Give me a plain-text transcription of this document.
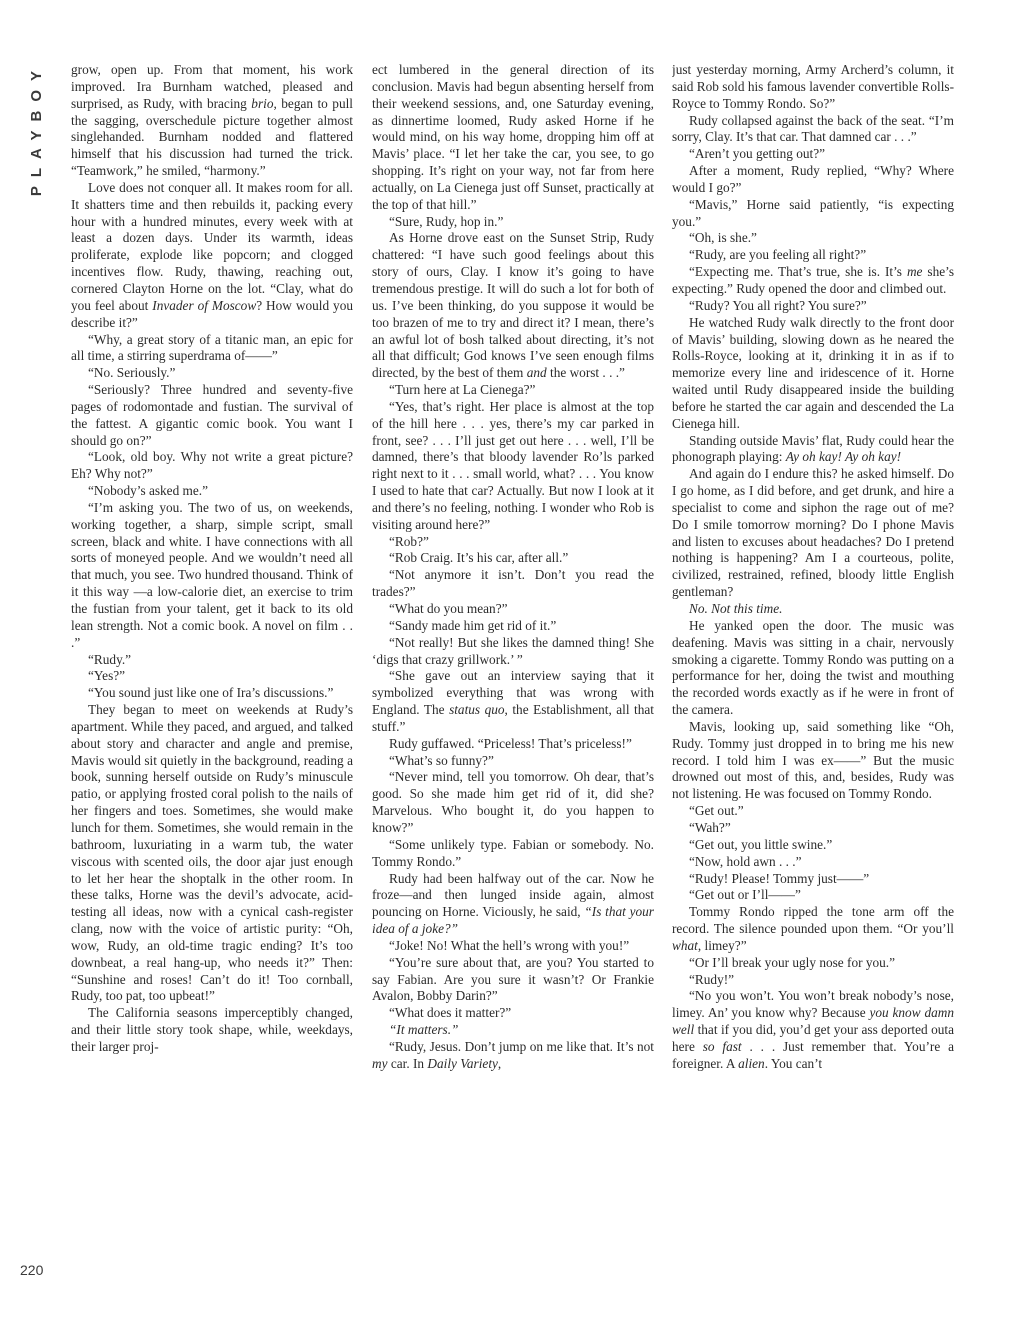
PLAYBOY	grow, open up. From that moment, his work improved. Ira Burnham watched, pleased and surprised, as Rudy, with bracing brio, began to pull the sagging, overschedule picture together almost singlehanded. Burnham nodded and flattered himself that his discussion had turned the trick. “Teamwork,” he smiled, “harmony.”

Love does not conquer all. It makes room for all. It shatters time and then rebuilds it, packing every hour with a hundred minutes, every week with at least a dozen days. Under its warmth, ideas proliferate, explode like popcorn; and clogged incentives flow. Rudy, thawing, reaching out, cornered Clayton Horne on the lot. “Clay, what do you feel about Invader of Moscow? How would you describe it?”

“Why, a great story of a titanic man, an epic for all time, a stirring superdrama of——”

“No. Seriously.”

“Seriously? Three hundred and seventy-five pages of rodomontade and fustian. The survival of the fattest. A gigantic comic book. You want I should go on?”

“Look, old boy. Why not write a great picture? Eh? Why not?”

“Nobody’s asked me.”

“I’m asking you. The two of us, on weekends, working together, a sharp, simple script, small screen, black and white. I have connections with all sorts of moneyed people. And we wouldn’t need all that much, you see. Two hundred thousand. Think of it this way —a low-calorie diet, an exercise to trim the fustian from your talent, get it back to its old lean strength. Not a comic book. A novel on film . . .”

“Rudy.”

“Yes?”

“You sound just like one of Ira’s discussions.”

They began to meet on weekends at Rudy’s apartment. While they paced, and argued, and talked about story and character and angle and premise, Mavis would sit quietly in the background, reading a book, sunning herself outside on Rudy’s minuscule patio, or applying frosted coral polish to the nails of her fingers and toes. Sometimes, she would make lunch for them. Sometimes, she would remain in the bathroom, luxuriating in a warm tub, the water viscous with scented oils, the door ajar just enough to let her hear the shoptalk in the other room. In these talks, Horne was the devil’s advocate, acid-testing all ideas, now with a cynical cash-register clang, now with the voice of artistic purity: “Oh, wow, Rudy, an old-time tragic ending? It’s too downbeat, a real hang-up, who needs it?” Then: “Sunshine and roses! Can’t do it! Too cornball, Rudy, too pat, too upbeat!”

The California seasons imperceptibly changed, and their little story took shape, while, weekdays, their larger proj-

ect lumbered in the general direction of its conclusion. Mavis had begun absenting herself from their weekend sessions, and, one Saturday evening, as dinnertime loomed, Rudy asked Horne if he would mind, on his way home, dropping him off at Mavis’ place. “I let her take the car, you see, to go shopping. It’s right on your way, not far from here actually, on La Cienega just off Sunset, practically at the top of that hill.”

“Sure, Rudy, hop in.”

As Horne drove east on the Sunset Strip, Rudy chattered: “I have such good feelings about this story of ours, Clay. I know it’s going to have tremendous prestige. It will do such a lot for both of us. I’ve been thinking, do you suppose it would be too brazen of me to try and direct it? I mean, there’s an awful lot of bosh talked about directing, it’s not all that difficult; God knows I’ve seen enough films directed, by the best of them and the worst . . .”

“Turn here at La Cienega?”

“Yes, that’s right. Her place is almost at the top of the hill here . . . yes, there’s my car parked in front, see? . . . I’ll just get out here . . . well, I’ll be damned, there’s that bloody lavender Ro’ls parked right next to it . . . small world, what? . . . You know I used to hate that car? Actually. But now I look at it and there’s no feeling, nothing. I wonder who Rob is visiting around here?”

“Rob?”

“Rob Craig. It’s his car, after all.”

“Not anymore it isn’t. Don’t you read the trades?”

“What do you mean?”

“Sandy made him get rid of it.”

“Not really! But she likes the damned thing! She ‘digs that crazy grillwork.’ ”

“She gave out an interview saying that it symbolized everything that was wrong with England. The status quo, the Establishment, all that stuff.”

Rudy guffawed. “Priceless! That’s priceless!”

“What’s so funny?”

“Never mind, tell you tomorrow. Oh dear, that’s good. So she made him get rid of it, did she? Marvelous. Who bought it, do you happen to know?”

“Some unlikely type. Fabian or somebody. No. Tommy Rondo.”

Rudy had been halfway out of the car. Now he froze—and then lunged inside again, almost pouncing on Horne. Viciously, he said, “Is that your idea of a joke?”

“Joke! No! What the hell’s wrong with you!”

“You’re sure about that, are you? You started to say Fabian. Are you sure it wasn’t? Or Frankie Avalon, Bobby Darin?”

“What does it matter?”

“It matters.”

“Rudy, Jesus. Don’t jump on me like that. It’s not my car. In Daily Variety,

just yesterday morning, Army Archerd’s column, it said Rob sold his famous lavender convertible Rolls-Royce to Tommy Rondo. So?”

Rudy collapsed against the back of the seat. “I’m sorry, Clay. It’s that car. That damned car . . .”

“Aren’t you getting out?”

After a moment, Rudy replied, “Why? Where would I go?”

“Mavis,” Horne said patiently, “is expecting you.”

“Oh, is she.”

“Rudy, are you feeling all right?”

“Expecting me. That’s true, she is. It’s me she’s expecting.” Rudy opened the door and climbed out.

“Rudy? You all right? You sure?”

He watched Rudy walk directly to the front door of Mavis’ building, slowing down as he neared the Rolls-Royce, looking at it, drinking it in as if to memorize every line and iridescence of it. Horne waited until Rudy disappeared inside the building before he started the car again and descended the La Cienega hill.

Standing outside Mavis’ flat, Rudy could hear the phonograph playing: Ay oh kay! Ay oh kay!

And again do I endure this? he asked himself. Do I go home, as I did before, and get drunk, and hire a specialist to come and siphon the rage out of me? Do I smile tomorrow morning? Do I phone Mavis and listen to excuses about headaches? Do I pretend nothing is happening? Am I a courteous, polite, civilized, restrained, refined, bloody little English gentleman?

No. Not this time.

He yanked open the door. The music was deafening. Mavis was sitting in a chair, nervously smoking a cigarette. Tommy Rondo was putting on a performance for her, doing the twist and mouthing the recorded words exactly as if he were in front of the camera.

Mavis, looking up, said something like “Oh, Rudy. Tommy just dropped in to bring me his new record. I told him I was ex——” But the music drowned out most of this, and, besides, Rudy was not listening. He was focused on Tommy Rondo.

“Get out.”

“Wah?”

“Get out, you little swine.”

“Now, hold awn . . .”

“Rudy! Please! Tommy just——”

“Get out or I’ll——”

Tommy Rondo ripped the tone arm off the record. The silence pounded upon them. “Or you’ll what, limey?”

“Or I’ll break your ugly nose for you.”

“Rudy!”

“No you won’t. You won’t break nobody’s nose, limey. An’ you know why? Because you know damn well that if you did, you’d get your ass deported outa here so fast . . . Just remember that. You’re a foreigner. A alien. You can’t

220
